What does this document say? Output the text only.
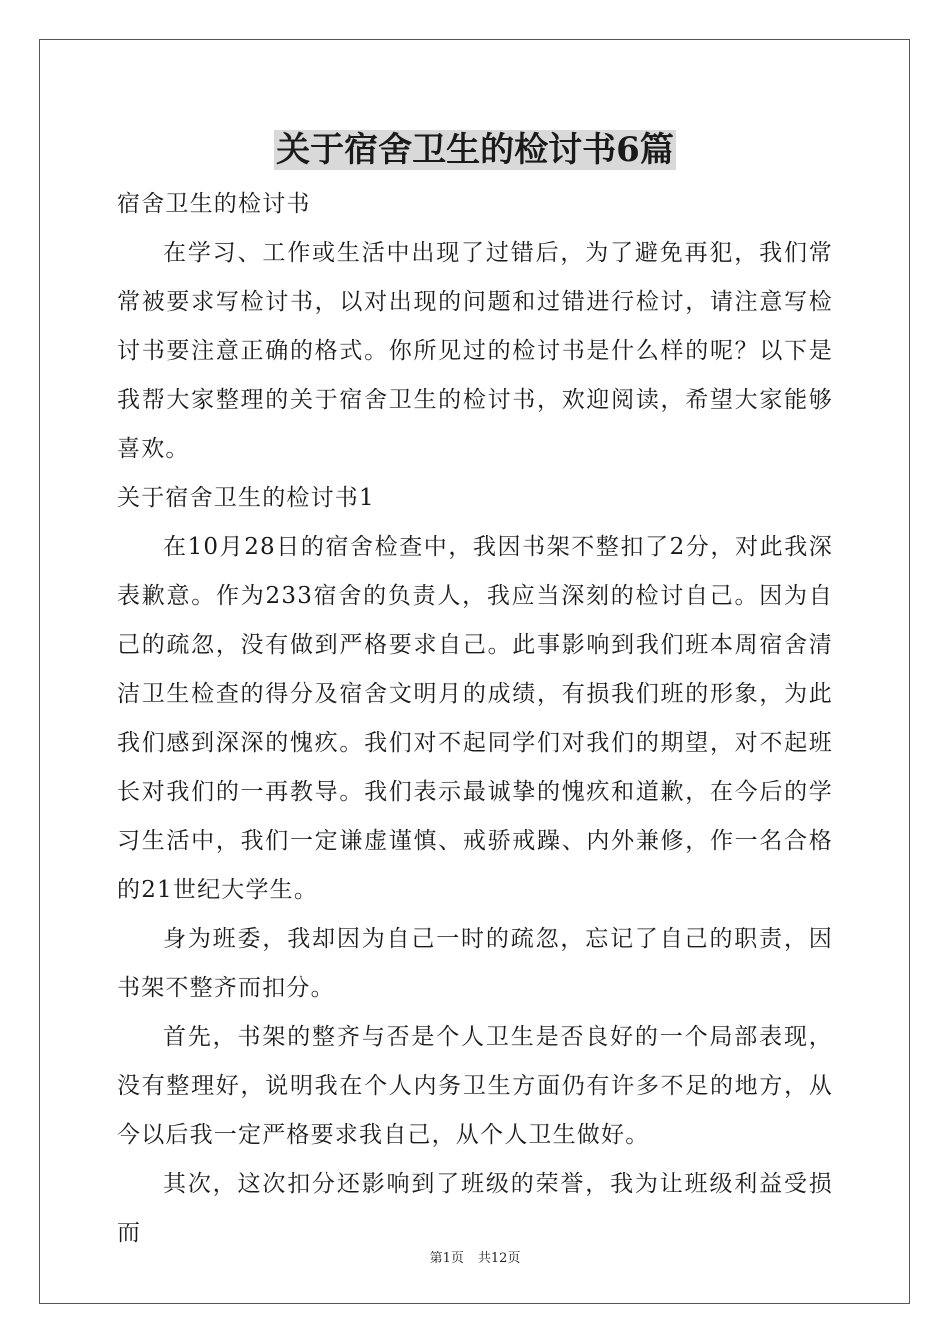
关于宿舍卫生的检讨书6篇

宿舍卫生的检讨书

在学习、工作或生活中出现了过错后，为了避免再犯，我们常常被要求写检讨书，以对出现的问题和过错进行检讨，请注意写检讨书要注意正确的格式。你所见过的检讨书是什么样的呢？以下是我帮大家整理的关于宿舍卫生的检讨书，欢迎阅读，希望大家能够喜欢。

关于宿舍卫生的检讨书1

在10月28日的宿舍检查中，我因书架不整扣了2分，对此我深表歉意。作为233宿舍的负责人，我应当深刻的检讨自己。因为自己的疏忽，没有做到严格要求自己。此事影响到我们班本周宿舍清洁卫生检查的得分及宿舍文明月的成绩，有损我们班的形象，为此我们感到深深的愧疚。我们对不起同学们对我们的期望，对不起班长对我们的一再教导。我们表示最诚挚的愧疚和道歉，在今后的学习生活中，我们一定谦虚谨慎、戒骄戒躁、内外兼修，作一名合格的21世纪大学生。

身为班委，我却因为自己一时的疏忽，忘记了自己的职责，因书架不整齐而扣分。

首先，书架的整齐与否是个人卫生是否良好的一个局部表现，没有整理好，说明我在个人内务卫生方面仍有许多不足的地方，从今以后我一定严格要求我自己，从个人卫生做好。

其次，这次扣分还影响到了班级的荣誉，我为让班级利益受损而

第1页 共12页
